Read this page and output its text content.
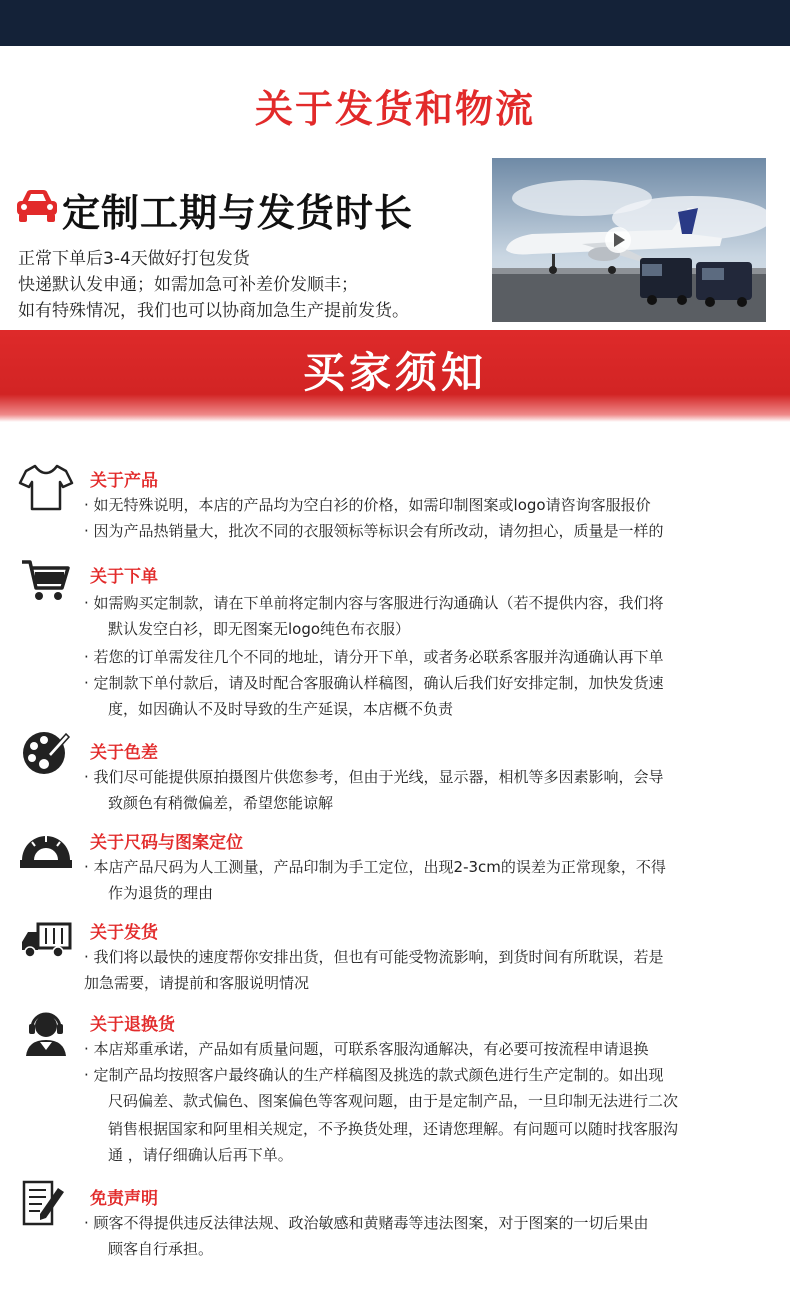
关于发货和物流
定制工期与发货时长
正常下单后3-4天做好打包发货
快递默认发申通；如需加急可补差价发顺丰；
如有特殊情况，我们也可以协商加急生产提前发货。
买家须知
关于产品
· 如无特殊说明，本店的产品均为空白衫的价格，如需印制图案或logo请咨询客服报价
· 因为产品热销量大，批次不同的衣服领标等标识会有所改动，请勿担心，质量是一样的
关于下单
· 如需购买定制款，请在下单前将定制内容与客服进行沟通确认（若不提供内容，我们将
默认发空白衫，即无图案无logo纯色布衣服）
· 若您的订单需发往几个不同的地址，请分开下单，或者务必联系客服并沟通确认再下单
· 定制款下单付款后，请及时配合客服确认样稿图，确认后我们好安排定制，加快发货速
度，如因确认不及时导致的生产延误，本店概不负责
关于色差
· 我们尽可能提供原拍摄图片供您参考，但由于光线，显示器，相机等多因素影响，会导
致颜色有稍微偏差，希望您能谅解
关于尺码与图案定位
· 本店产品尺码为人工测量，产品印制为手工定位，出现2-3cm的误差为正常现象，不得
作为退货的理由
关于发货
· 我们将以最快的速度帮你安排出货，但也有可能受物流影响，到货时间有所耽误，若是
加急需要，请提前和客服说明情况
关于退换货
· 本店郑重承诺，产品如有质量问题，可联系客服沟通解决，有必要可按流程申请退换
· 定制产品均按照客户最终确认的生产样稿图及挑选的款式颜色进行生产定制的。如出现
尺码偏差、款式偏色、图案偏色等客观问题，由于是定制产品，一旦印制无法进行二次
销售根据国家和阿里相关规定，不予换货处理，还请您理解。有问题可以随时找客服沟
通 ，请仔细确认后再下单。
免责声明
· 顾客不得提供违反法律法规、政治敏感和黄赌毒等违法图案，对于图案的一切后果由
顾客自行承担。
